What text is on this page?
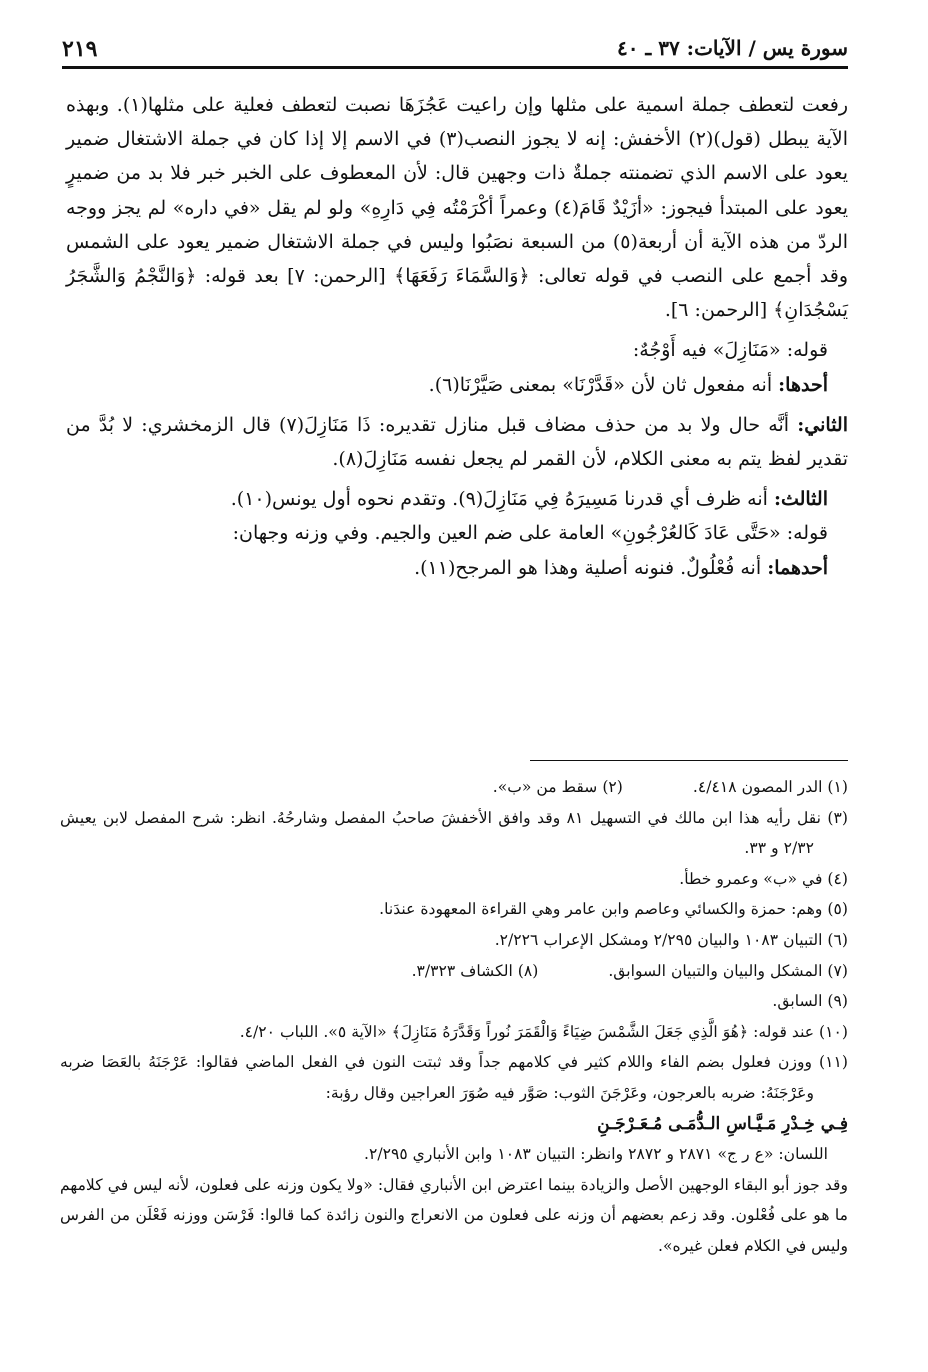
سورة يس / الآيات: ٣٧ ـ ٤٠
٢١٩

رفعت لتعطف جملة اسمية على مثلها وإن راعيت عَجُزَهَا نصبت لتعطف فعلية على مثلها(١). وبهذه الآية يبطل (قول)(٢) الأخفش: إنه لا يجوز النصب(٣) في الاسم إلا إذا كان في جملة الاشتغال ضمير يعود على الاسم الذي تضمنته جملةٌ ذات وجهين قال: لأن المعطوف على الخبر خبر فلا بد من ضميرٍ يعود على المبتدأ فيجوز: «أزَيْدٌ قَامَ(٤) وعمراً أكْرَمْتُه فِي دَارِهِ» ولو لم يقل «في داره» لم يجز ووجه الردّ من هذه الآية أن أربعة(٥) من السبعة نصَبُوا وليس في جملة الاشتغال ضمير يعود على الشمس وقد أجمع على النصب في قوله تعالى: ﴿وَالسَّمَاءَ رَفَعَهَا﴾ [الرحمن: ٧] بعد قوله: ﴿وَالنَّجْمُ وَالشَّجَرُ يَسْجُدَانِ﴾ [الرحمن: ٦].

قوله: «مَنَازِلَ» فيه أَوْجُهٌ:

أحدها: أنه مفعول ثان لأن «قَدَّرْنَا» بمعنى صَيَّرْنَا(٦).

الثاني: أنَّه حال ولا بد من حذف مضاف قبل منازل تقديره: ذَا مَنَازِلَ(٧) قال الزمخشري: لا بُدَّ من تقدير لفظ يتم به معنى الكلام، لأن القمر لم يجعل نفسه مَنَازِلَ(٨).

الثالث: أنه ظرف أي قدرنا مَسِيرَهُ فِي مَنَازِلَ(٩). وتقدم نحوه أول يونس(١٠).

قوله: «حَتَّى عَادَ كَالعُرْجُونِ» العامة على ضم العين والجيم. وفي وزنه وجهان:

أحدهما: أنه فُعْلُولٌ. فنونه أصلية وهذا هو المرجح(١١).

(١) الدر المصون ٤/٤١٨.
(٢) سقط من «ب».

(٣) نقل رأيه هذا ابن مالك في التسهيل ٨١ وقد وافق الأخفشَ صاحبُ المفصل وشارحُهُ. انظر: شرح المفصل لابن يعيش ٢/٣٢ و ٣٣.

(٤) في «ب» وعمرو خطأ.

(٥) وهم: حمزة والكسائي وعاصم وابن عامر وهي القراءة المعهودة عندَنا.

(٦) التبيان ١٠٨٣ والبيان ٢/٢٩٥ ومشكل الإعراب ٢/٢٢٦.

(٧) المشكل والبيان والتبيان السوابق.
(٨) الكشاف ٣/٣٢٣.

(٩) السابق.

(١٠) عند قوله: ﴿هُوَ الَّذِي جَعَلَ الشَّمْسَ ضِيَاءً وَالْقَمَرَ نُوراً وَقَدَّرَهُ مَنَازِلَ﴾ «الآية ٥». اللباب ٤/٢٠.

(١١) ووزن فعلول بضم الفاء واللام كثير في كلامهم جداً وقد ثبتت النون في الفعل الماضي فقالوا: عَرْجَنَهُ بالعَصَا ضربه وعَرْجَنَهُ: ضربه بالعرجون، وعَرْجَنَ الثوب: صَوَّر فيه صُوَرَ العراجين وقال رؤبة:

فِـي خِـدْرِ مَـيَّـاسِ الـدُّمَـى مُـعَـرْجَـنِ

اللسان: «ع ر ج» ٢٨٧١ و ٢٨٧٢ وانظر: التبيان ١٠٨٣ وابن الأنباري ٢/٢٩٥.

وقد جوز أبو البقاء الوجهين الأصل والزيادة بينما اعترض ابن الأنباري فقال: «ولا يكون وزنه على فعلون، لأنه ليس في كلامهم ما هو على فُعْلون. وقد زعم بعضهم أن وزنه على فعلون من الانعراج والنون زائدة كما قالوا: فَرْسَن ووزنه فَعْلَن من الفرس وليس في الكلام فعلن غيره».
